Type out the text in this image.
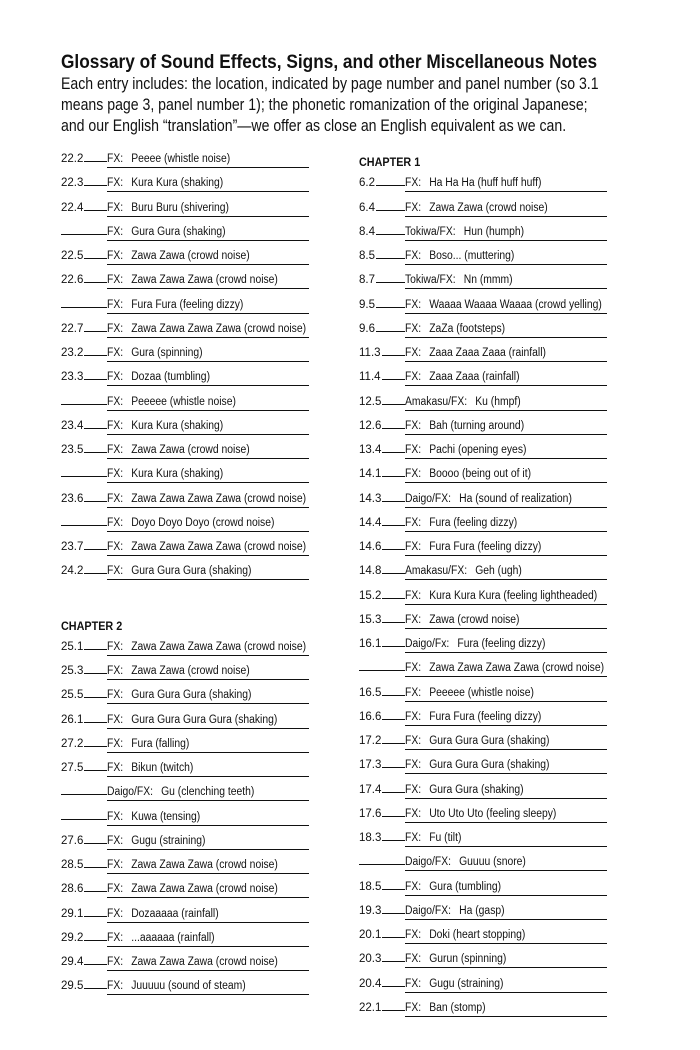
Glossary of Sound Effects, Signs, and other Miscellaneous Notes
Each entry includes: the location, indicated by page number and panel number (so 3.1
means page 3, panel number 1); the phonetic romanization of the original Japanese;
and our English “translation”—we offer as close an English equivalent as we can.
22.2 FX: Peeee (whistle noise)
22.3 FX: Kura Kura (shaking)
22.4 FX: Buru Buru (shivering)
FX: Gura Gura (shaking)
22.5 FX: Zawa Zawa (crowd noise)
22.6 FX: Zawa Zawa Zawa (crowd noise)
FX: Fura Fura (feeling dizzy)
22.7 FX: Zawa Zawa Zawa Zawa (crowd noise)
23.2 FX: Gura (spinning)
23.3 FX: Dozaa (tumbling)
FX: Peeeee (whistle noise)
23.4 FX: Kura Kura (shaking)
23.5 FX: Zawa Zawa (crowd noise)
FX: Kura Kura (shaking)
23.6 FX: Zawa Zawa Zawa Zawa (crowd noise)
FX: Doyo Doyo Doyo (crowd noise)
23.7 FX: Zawa Zawa Zawa Zawa (crowd noise)
24.2 FX: Gura Gura Gura (shaking)
CHAPTER 2
25.1 FX: Zawa Zawa Zawa Zawa (crowd noise)
25.3 FX: Zawa Zawa (crowd noise)
25.5 FX: Gura Gura Gura (shaking)
26.1 FX: Gura Gura Gura Gura (shaking)
27.2 FX: Fura (falling)
27.5 FX: Bikun (twitch)
Daigo/FX: Gu (clenching teeth)
FX: Kuwa (tensing)
27.6 FX: Gugu (straining)
28.5 FX: Zawa Zawa Zawa (crowd noise)
28.6 FX: Zawa Zawa Zawa (crowd noise)
29.1 FX: Dozaaaaa (rainfall)
29.2 FX: ...aaaaaa (rainfall)
29.4 FX: Zawa Zawa Zawa (crowd noise)
29.5 FX: Juuuuu (sound of steam)
CHAPTER 1
6.2	FX: Ha Ha Ha (huff huff huff)
6.4	FX: Zawa Zawa (crowd noise)
8.4	Tokiwa/FX: Hun (humph)
8.5	FX: Boso... (muttering)
8.7	Tokiwa/FX: Nn (mmm)
9.5	FX: Waaaa Waaaa Waaaa (crowd yelling)
9.6	FX: ZaZa (footsteps)
11.3 FX: Zaaa Zaaa Zaaa (rainfall)
11.4 FX: Zaaa Zaaa (rainfall)
12.5 Amakasu/FX: Ku (hmpf)
12.6 FX: Bah (turning around)
13.4 FX: Pachi (opening eyes)
14.1 FX: Boooo (being out of it)
14.3 Daigo/FX: Ha (sound of realization)
14.4 FX: Fura (feeling dizzy)
14.6 FX: Fura Fura (feeling dizzy)
14.8 Amakasu/FX: Geh (ugh)
15.2 FX: Kura Kura Kura (feeling lightheaded)
15.3 FX: Zawa (crowd noise)
16.1 Daigo/Fx: Fura (feeling dizzy)
FX: Zawa Zawa Zawa Zawa (crowd noise)
16.5 FX: Peeeee (whistle noise)
16.6 FX: Fura Fura (feeling dizzy)
17.2 FX: Gura Gura Gura (shaking)
17.3 FX: Gura Gura Gura (shaking)
17.4 FX: Gura Gura (shaking)
17.6 FX: Uto Uto Uto (feeling sleepy)
18.3 FX: Fu (tilt)
Daigo/FX: Guuuu (snore)
18.5 FX: Gura (tumbling)
19.3 Daigo/FX: Ha (gasp)
20.1 FX: Doki (heart stopping)
20.3 FX: Gurun (spinning)
20.4 FX: Gugu (straining)
22.1 FX: Ban (stomp)
